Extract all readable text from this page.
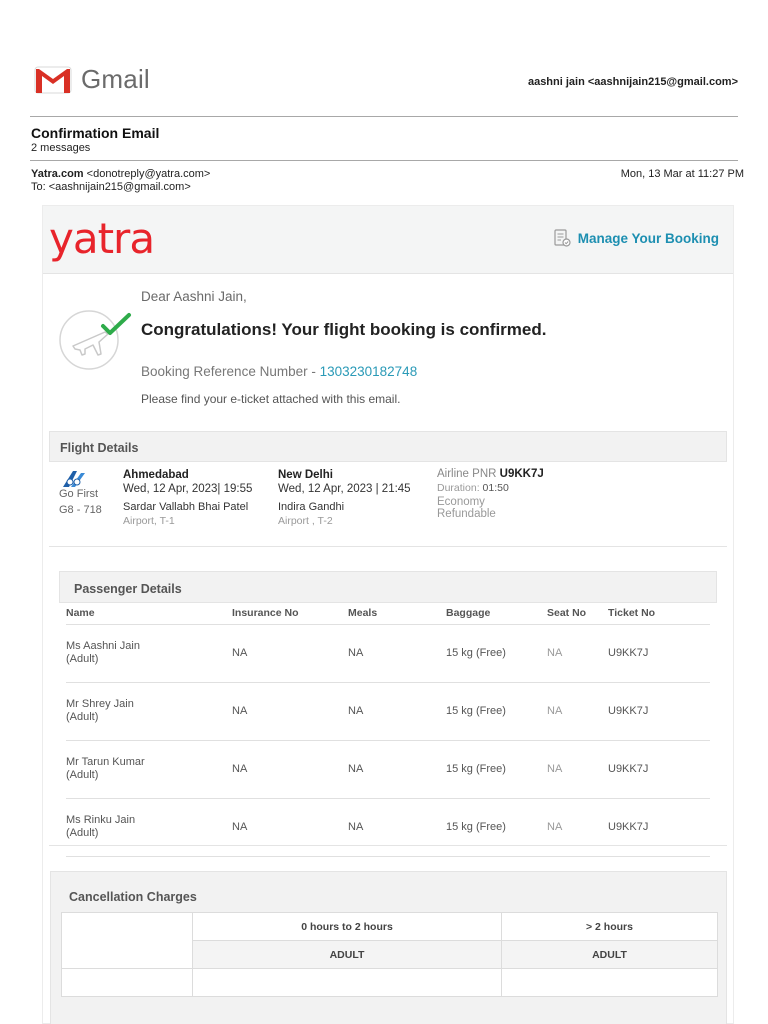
Gmail	aashni jain <aashnijain215@gmail.com>
Confirmation Email
2 messages
Yatra.com <donotreply@yatra.com>
To: <aashnijain215@gmail.com>
Mon, 13 Mar at 11:27 PM
yatra	Manage Your Booking
Dear Aashni Jain,
Congratulations! Your flight booking is confirmed.
Booking Reference Number - 1303230182748
Please find your e-ticket attached with this email.
Flight Details
Go First
G8 - 718
Ahmedabad
Wed, 12 Apr, 2023| 19:55
Sardar Vallabh Bhai Patel
Airport, T-1
New Delhi
Wed, 12 Apr, 2023 | 21:45
Indira Gandhi
Airport , T-2
Airline PNR U9KK7J
Duration: 01:50
Economy
Refundable
Passenger Details
Name	Insurance No	Meals	Baggage	Seat No	Ticket No

Ms Aashni Jain
(Adult)	NA	NA	15 kg (Free)	NA	U9KK7J

Mr Shrey Jain
(Adult)	NA	NA	15 kg (Free)	NA	U9KK7J

Mr Tarun Kumar
(Adult)	NA	NA	15 kg (Free)	NA	U9KK7J

Ms Rinku Jain
(Adult)	NA	NA	15 kg (Free)	NA	U9KK7J
Cancellation Charges
	0 hours to 2 hours	> 2 hours
	ADULT	ADULT
